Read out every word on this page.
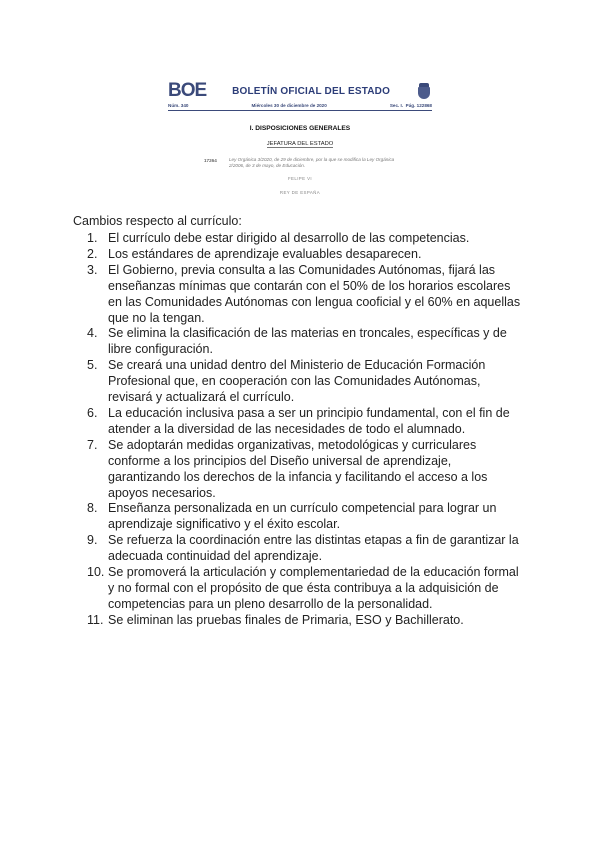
BOE	BOLETÍN OFICIAL DEL ESTADO
Núm. 340	Miércoles 30 de diciembre de 2020	Sec. I. Pág. 122868
I. DISPOSICIONES GENERALES
JEFATURA DEL ESTADO
17264	Ley Orgánica 3/2020, de 29 de diciembre, por la que se modifica la Ley Orgánica 2/2006, de 3 de mayo, de Educación.
FELIPE VI
REY DE ESPAÑA
Cambios respecto al currículo:
1. El currículo debe estar dirigido al desarrollo de las competencias.
2. Los estándares de aprendizaje evaluables desaparecen.
3. El Gobierno, previa consulta a las Comunidades Autónomas, fijará las enseñanzas mínimas que contarán con el 50% de los horarios escolares en las Comunidades Autónomas con lengua cooficial y el 60% en aquellas que no la tengan.
4. Se elimina la clasificación de las materias en troncales, específicas y de libre configuración.
5. Se creará una unidad dentro del Ministerio de Educación Formación Profesional que, en cooperación con las Comunidades Autónomas, revisará y actualizará el currículo.
6. La educación inclusiva pasa a ser un principio fundamental, con el fin de atender a la diversidad de las necesidades de todo el alumnado.
7. Se adoptarán medidas organizativas, metodológicas y curriculares conforme a los principios del Diseño universal de aprendizaje, garantizando los derechos de la infancia y facilitando el acceso a los apoyos necesarios.
8. Enseñanza personalizada en un currículo competencial para lograr un aprendizaje significativo y el éxito escolar.
9. Se refuerza la coordinación entre las distintas etapas a fin de garantizar la adecuada continuidad del aprendizaje.
10. Se promoverá la articulación y complementariedad de la educación formal y no formal con el propósito de que ésta contribuya a la adquisición de competencias para un pleno desarrollo de la personalidad.
11. Se eliminan las pruebas finales de Primaria, ESO y Bachillerato.
